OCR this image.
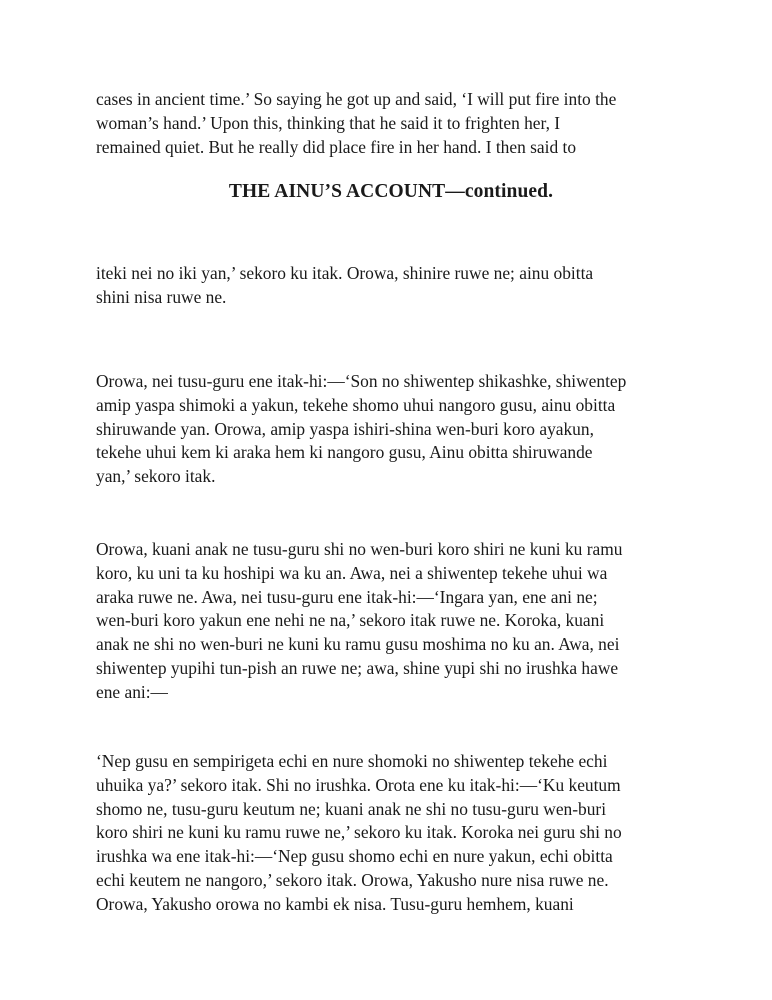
cases in ancient time.’ So saying he got up and said, ‘I will put fire into the
woman’s hand.’ Upon this, thinking that he said it to frighten her, I
remained quiet. But he really did place fire in her hand. I then said to

THE AINU’S ACCOUNT—continued.

iteki nei no iki yan,’ sekoro ku itak. Orowa, shinire ruwe ne; ainu obitta
shini nisa ruwe ne.

Orowa, nei tusu-guru ene itak-hi:—‘Son no shiwentep shikashke, shiwentep
amip yaspa shimoki a yakun, tekehe shomo uhui nangoro gusu, ainu obitta
shiruwande yan. Orowa, amip yaspa ishiri-shina wen-buri koro ayakun,
tekehe uhui kem ki araka hem ki nangoro gusu, Ainu obitta shiruwande
yan,’ sekoro itak.

Orowa, kuani anak ne tusu-guru shi no wen-buri koro shiri ne kuni ku ramu
koro, ku uni ta ku hoshipi wa ku an. Awa, nei a shiwentep tekehe uhui wa
araka ruwe ne. Awa, nei tusu-guru ene itak-hi:—‘Ingara yan, ene ani ne;
wen-buri koro yakun ene nehi ne na,’ sekoro itak ruwe ne. Koroka, kuani
anak ne shi no wen-buri ne kuni ku ramu gusu moshima no ku an. Awa, nei
shiwentep yupihi tun-pish an ruwe ne; awa, shine yupi shi no irushka hawe
ene ani:—

‘Nep gusu en sempirigeta echi en nure shomoki no shiwentep tekehe echi
uhuika ya?’ sekoro itak. Shi no irushka. Orota ene ku itak-hi:—‘Ku keutum
shomo ne, tusu-guru keutum ne; kuani anak ne shi no tusu-guru wen-buri
koro shiri ne kuni ku ramu ruwe ne,’ sekoro ku itak. Koroka nei guru shi no
irushka wa ene itak-hi:—‘Nep gusu shomo echi en nure yakun, echi obitta
echi keutem ne nangoro,’ sekoro itak. Orowa, Yakusho nure nisa ruwe ne.
Orowa, Yakusho orowa no kambi ek nisa. Tusu-guru hemhem, kuani
